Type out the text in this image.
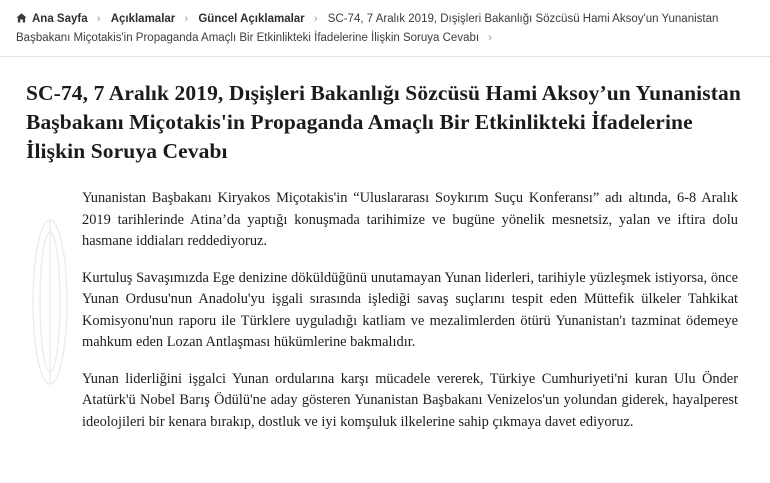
Ana Sayfa › Açıklamalar › Güncel Açıklamalar › SC-74, 7 Aralık 2019, Dışişleri Bakanlığı Sözcüsü Hami Aksoy'un Yunanistan Başbakanı Miçotakis'in Propaganda Amaçlı Bir Etkinlikteki İfadelerine İlişkin Soruya Cevabı ›
SC-74, 7 Aralık 2019, Dışişleri Bakanlığı Sözcüsü Hami Aksoy’un Yunanistan Başbakanı Miçotakis'in Propaganda Amaçlı Bir Etkinlikteki İfadelerine İlişkin Soruya Cevabı

Yunanistan Başbakanı Kiryakos Miçotakis'in “Uluslararası Soykırım Suçu Konferansı” adı altında, 6-8 Aralık 2019 tarihlerinde Atina’da yaptığı konuşmada tarihimize ve bugüne yönelik mesnetsiz, yalan ve iftira dolu hasmane iddiaları reddediyoruz.

Kurtuluş Savaşımızda Ege denizine döküldüğünü unutamayan Yunan liderleri, tarihiyle yüzleşmek istiyorsa, önce Yunan Ordusu'nun Anadolu'yu işgali sırasında işlediği savaş suçlarını tespit eden Müttefik ülkeler Tahkikat Komisyonu'nun raporu ile Türklere uyguladığı katliam ve mezalimlerden ötürü Yunanistan'ı tazminat ödemeye mahkum eden Lozan Antlaşması hükümlerine bakmalıdır.

Yunan liderliğini işgalci Yunan ordularına karşı mücadele vererek, Türkiye Cumhuriyeti'ni kuran Ulu Önder Atatürk'ü Nobel Barış Ödülü'ne aday gösteren Yunanistan Başbakanı Venizelos'un yolundan giderek, hayalperest ideolojileri bir kenara bırakıp, dostluk ve iyi komşuluk ilkelerine sahip çıkmaya davet ediyoruz.
